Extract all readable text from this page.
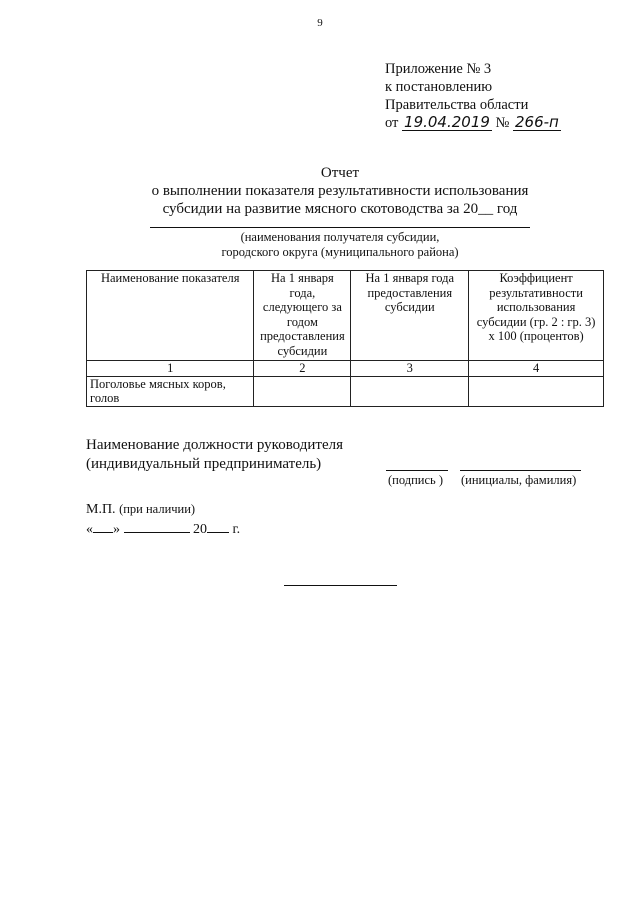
9
Приложение № 3
к постановлению
Правительства области
от 19.04.2019 № 266-п
Отчет
о выполнении показателя результативности использования
субсидии на развитие мясного скотоводства за 20__ год
(наименования получателя субсидии,
городского округа (муниципального района)
Наименование показателя	На 1 января года, следующего за годом предоставления субсидии	На 1 января года предоставления субсидии	Коэффициент результативности использования субсидии (гр. 2 : гр. 3) x 100 (процентов)
1	2	3	4
Поголовье мясных коров, голов			
Наименование должности руководителя
(индивидуальный предприниматель)
(подпись ) (инициалы, фамилия)
М.П. (при наличии)
« »	20 г.
